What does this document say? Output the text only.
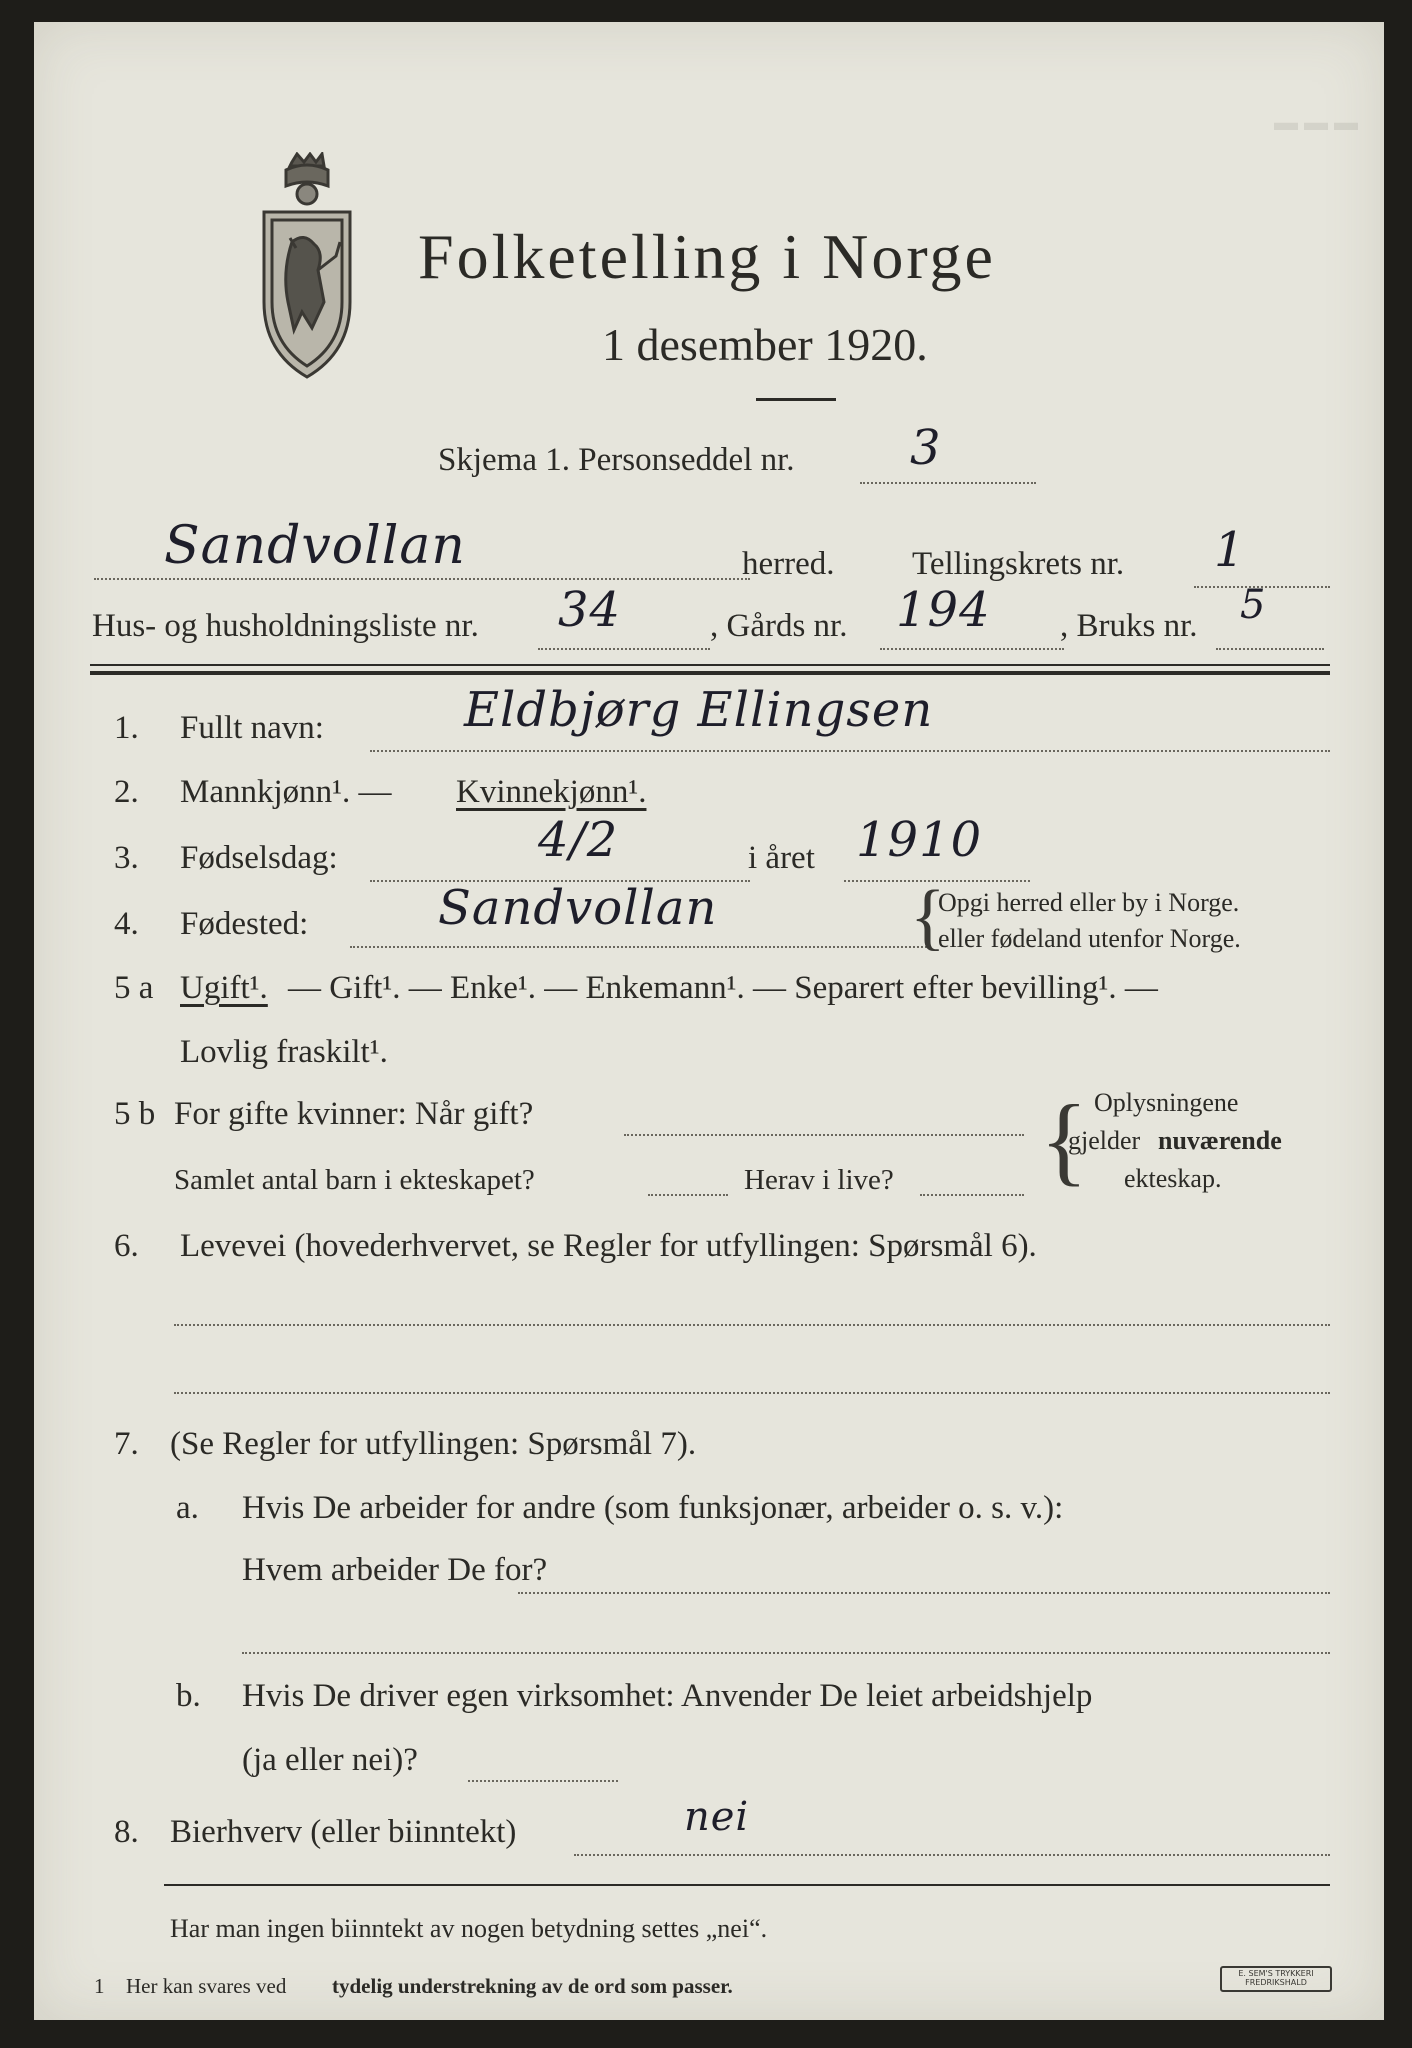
▬ ▬ ▬
Folketelling i Norge
1 desember 1920.
Skjema 1. Personseddel nr. 3
Sandvollan	herred. Tellingskrets nr. 1
Hus- og husholdningsliste nr. 34	, Gårds nr. 194 , Bruks nr. 5
1. Fullt navn:	Eldbjørg Ellingsen
2. Mannkjønn¹. — Kvinnekjønn¹.
3. Fødselsdag:	4/2	i året 1910
4. Fødested:	Sandvollan	{
Opgi herred eller by i Norge.
eller fødeland utenfor Norge.
5 a Ugift¹. — Gift¹. — Enke¹. — Enkemann¹. — Separert efter bevilling¹. —
Lovlig fraskilt¹.
5 b For gifte kvinner: Når gift?
Samlet antal barn i ekteskapet?	Herav i live? { Oplysningene
gjelder nuværende
ekteskap.
6. Levevei (hovederhvervet, se Regler for utfyllingen: Spørsmål 6).
7. (Se Regler for utfyllingen: Spørsmål 7).
a. Hvis De arbeider for andre (som funksjonær, arbeider o. s. v.):
Hvem arbeider De for?
b. Hvis De driver egen virksomhet: Anvender De leiet arbeidshjelp
(ja eller nei)?
8. Bierhverv (eller biinntekt)	nei
Har man ingen biinntekt av nogen betydning settes „nei“.
1 Her kan svares ved tydelig understrekning av de ord som passer.
E. SEM'S TRYKKERI
FREDRIKSHALD
